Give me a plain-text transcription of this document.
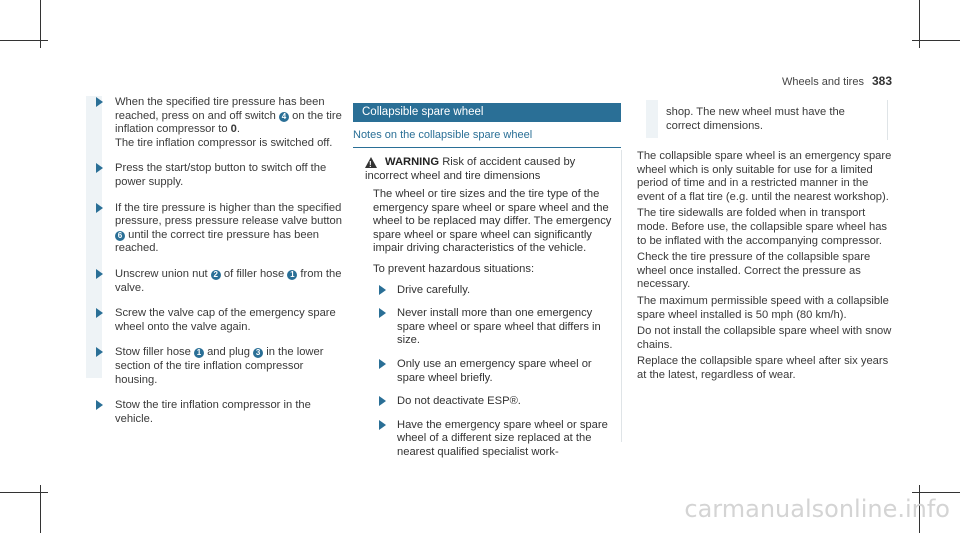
Wheels and tires 383

When the specified tire pressure has been reached, press on and off switch 4 on the tire inflation compressor to 0.

The tire inflation compressor is switched off.

Press the start/stop button to switch off the power supply.

If the tire pressure is higher than the specified pressure, press pressure release valve button 6 until the correct tire pressure has been reached.

Unscrew union nut 2 of filler hose 1 from the valve.

Screw the valve cap of the emergency spare wheel onto the valve again.

Stow filler hose 1 and plug 3 in the lower section of the tire inflation compressor housing.

Stow the tire inflation compressor in the vehicle.

Collapsible spare wheel
Notes on the collapsible spare wheel
!
WARNING Risk of accident caused by incorrect wheel and tire dimensions

The wheel or tire sizes and the tire type of the emergency spare wheel or spare wheel and the wheel to be replaced may differ. The emergency spare wheel or spare wheel can significantly impair driving characteristics of the vehicle.

To prevent hazardous situations:

Drive carefully.

Never install more than one emergency spare wheel or spare wheel that differs in size.

Only use an emergency spare wheel or spare wheel briefly.

Do not deactivate ESP®.

Have the emergency spare wheel or spare wheel of a different size replaced at the nearest qualified specialist work-

shop. The new wheel must have the correct dimensions.

The collapsible spare wheel is an emergency spare wheel which is only suitable for use for a limited period of time and in a restricted manner in the event of a flat tire (e.g. until the nearest workshop).

The tire sidewalls are folded when in transport mode. Before use, the collapsible spare wheel has to be inflated with the accompanying compressor.

Check the tire pressure of the collapsible spare wheel once installed. Correct the pressure as necessary.

The maximum permissible speed with a collapsible spare wheel installed is 50 mph (80 km/h).

Do not install the collapsible spare wheel with snow chains.

Replace the collapsible spare wheel after six years at the latest, regardless of wear.

carmanualsonline.info
